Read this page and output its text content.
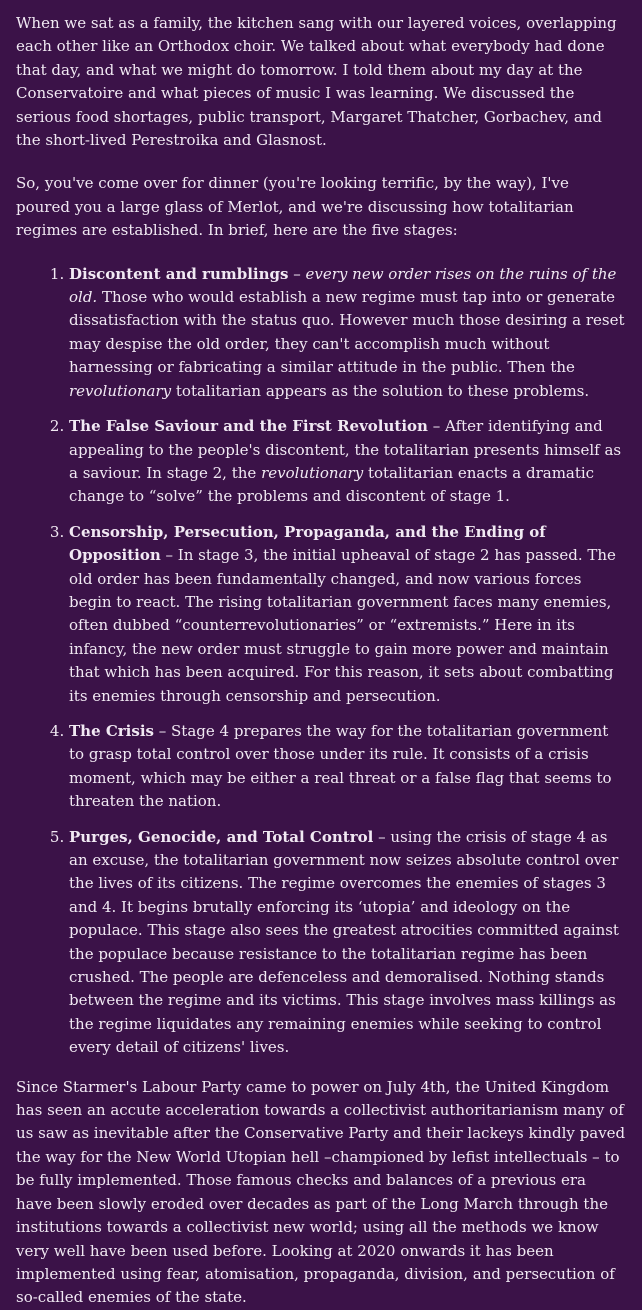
When we sat as a family, the kitchen sang with our layered voices, overlapping each other like an Orthodox choir. We talked about what everybody had done that day, and what we might do tomorrow. I told them about my day at the Conservatoire and what pieces of music I was learning. We discussed the serious food shortages, public transport, Margaret Thatcher, Gorbachev, and the short-lived Perestroika and Glasnost.

So, you've come over for dinner (you're looking terrific, by the way), I've poured you a large glass of Merlot, and we're discussing how totalitarian regimes are established. In brief, here are the five stages:

1. Discontent and rumblings – every new order rises on the ruins of the old. Those who would establish a new regime must tap into or generate dissatisfaction with the status quo. However much those desiring a reset may despise the old order, they can't accomplish much without harnessing or fabricating a similar attitude in the public. Then the revolutionary totalitarian appears as the solution to these problems.
2. The False Saviour and the First Revolution – After identifying and appealing to the people's discontent, the totalitarian presents himself as a saviour. In stage 2, the revolutionary totalitarian enacts a dramatic change to “solve” the problems and discontent of stage 1.
3. Censorship, Persecution, Propaganda, and the Ending of Opposition – In stage 3, the initial upheaval of stage 2 has passed. The old order has been fundamentally changed, and now various forces begin to react. The rising totalitarian government faces many enemies, often dubbed “counterrevolutionaries” or “extremists.” Here in its infancy, the new order must struggle to gain more power and maintain that which has been acquired. For this reason, it sets about combatting its enemies through censorship and persecution.
4. The Crisis – Stage 4 prepares the way for the totalitarian government to grasp total control over those under its rule. It consists of a crisis moment, which may be either a real threat or a false flag that seems to threaten the nation.
5. Purges, Genocide, and Total Control – using the crisis of stage 4 as an excuse, the totalitarian government now seizes absolute control over the lives of its citizens. The regime overcomes the enemies of stages 3 and 4. It begins brutally enforcing its ‘utopia’ and ideology on the populace. This stage also sees the greatest atrocities committed against the populace because resistance to the totalitarian regime has been crushed. The people are defenceless and demoralised. Nothing stands between the regime and its victims. This stage involves mass killings as the regime liquidates any remaining enemies while seeking to control every detail of citizens' lives.

Since Starmer's Labour Party came to power on July 4th, the United Kingdom has seen an accute acceleration towards a collectivist authoritarianism many of us saw as inevitable after the Conservative Party and their lackeys kindly paved the way for the New World Utopian hell –championed by lefist intellectuals – to be fully implemented. Those famous checks and balances of a previous era have been slowly eroded over decades as part of the Long March through the institutions towards a collectivist new world; using all the methods we know very well have been used before. Looking at 2020 onwards it has been implemented using fear, atomisation, propaganda, division, and persecution of so-called enemies of the state.
